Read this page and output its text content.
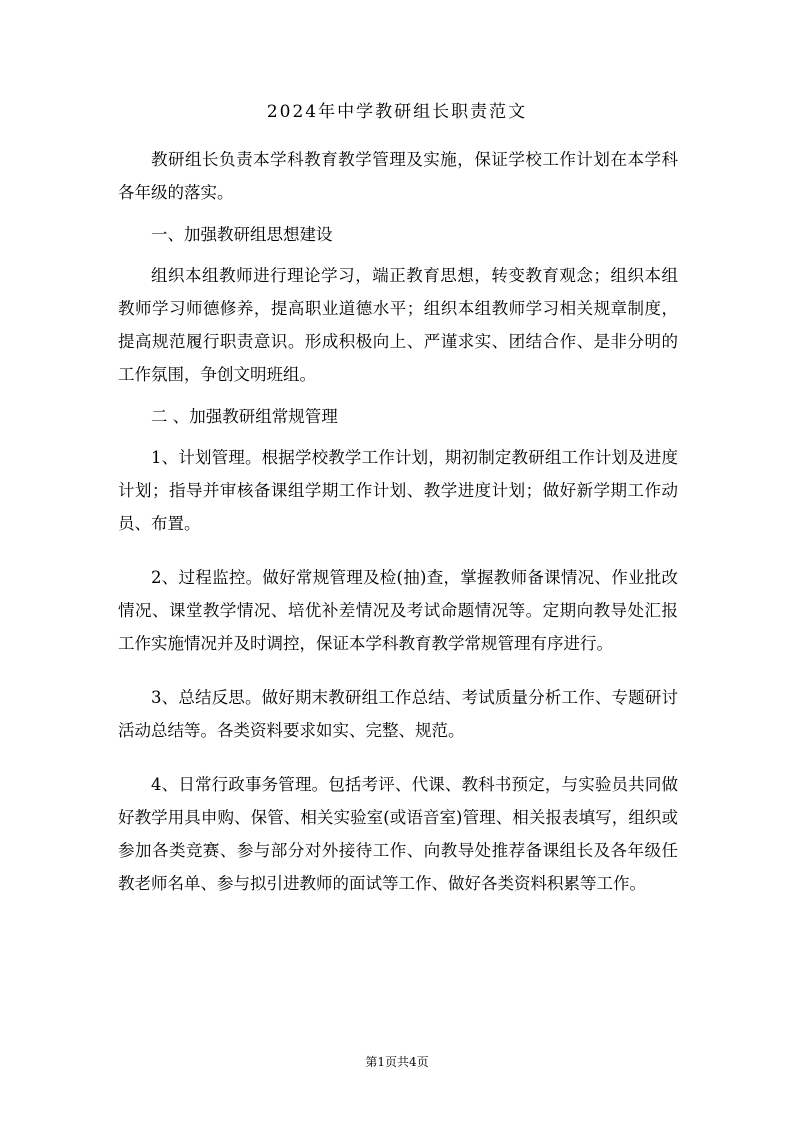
2024年中学教研组长职责范文

教研组长负责本学科教育教学管理及实施，保证学校工作计划在本学科各年级的落实。

一、加强教研组思想建设

组织本组教师进行理论学习，端正教育思想，转变教育观念；组织本组教师学习师德修养，提高职业道德水平；组织本组教师学习相关规章制度，提高规范履行职责意识。形成积极向上、严谨求实、团结合作、是非分明的工作氛围，争创文明班组。

二 、加强教研组常规管理

1、计划管理。根据学校教学工作计划，期初制定教研组工作计划及进度计划；指导并审核备课组学期工作计划、教学进度计划；做好新学期工作动员、布置。

2、过程监控。做好常规管理及检(抽)查，掌握教师备课情况、作业批改情况、课堂教学情况、培优补差情况及考试命题情况等。定期向教导处汇报工作实施情况并及时调控，保证本学科教育教学常规管理有序进行。

3、总结反思。做好期末教研组工作总结、考试质量分析工作、专题研讨活动总结等。各类资料要求如实、完整、规范。

4、日常行政事务管理。包括考评、代课、教科书预定，与实验员共同做好教学用具申购、保管、相关实验室(或语音室)管理、相关报表填写，组织或参加各类竞赛、参与部分对外接待工作、向教导处推荐备课组长及各年级任教老师名单、参与拟引进教师的面试等工作、做好各类资料积累等工作。

第1页共4页
